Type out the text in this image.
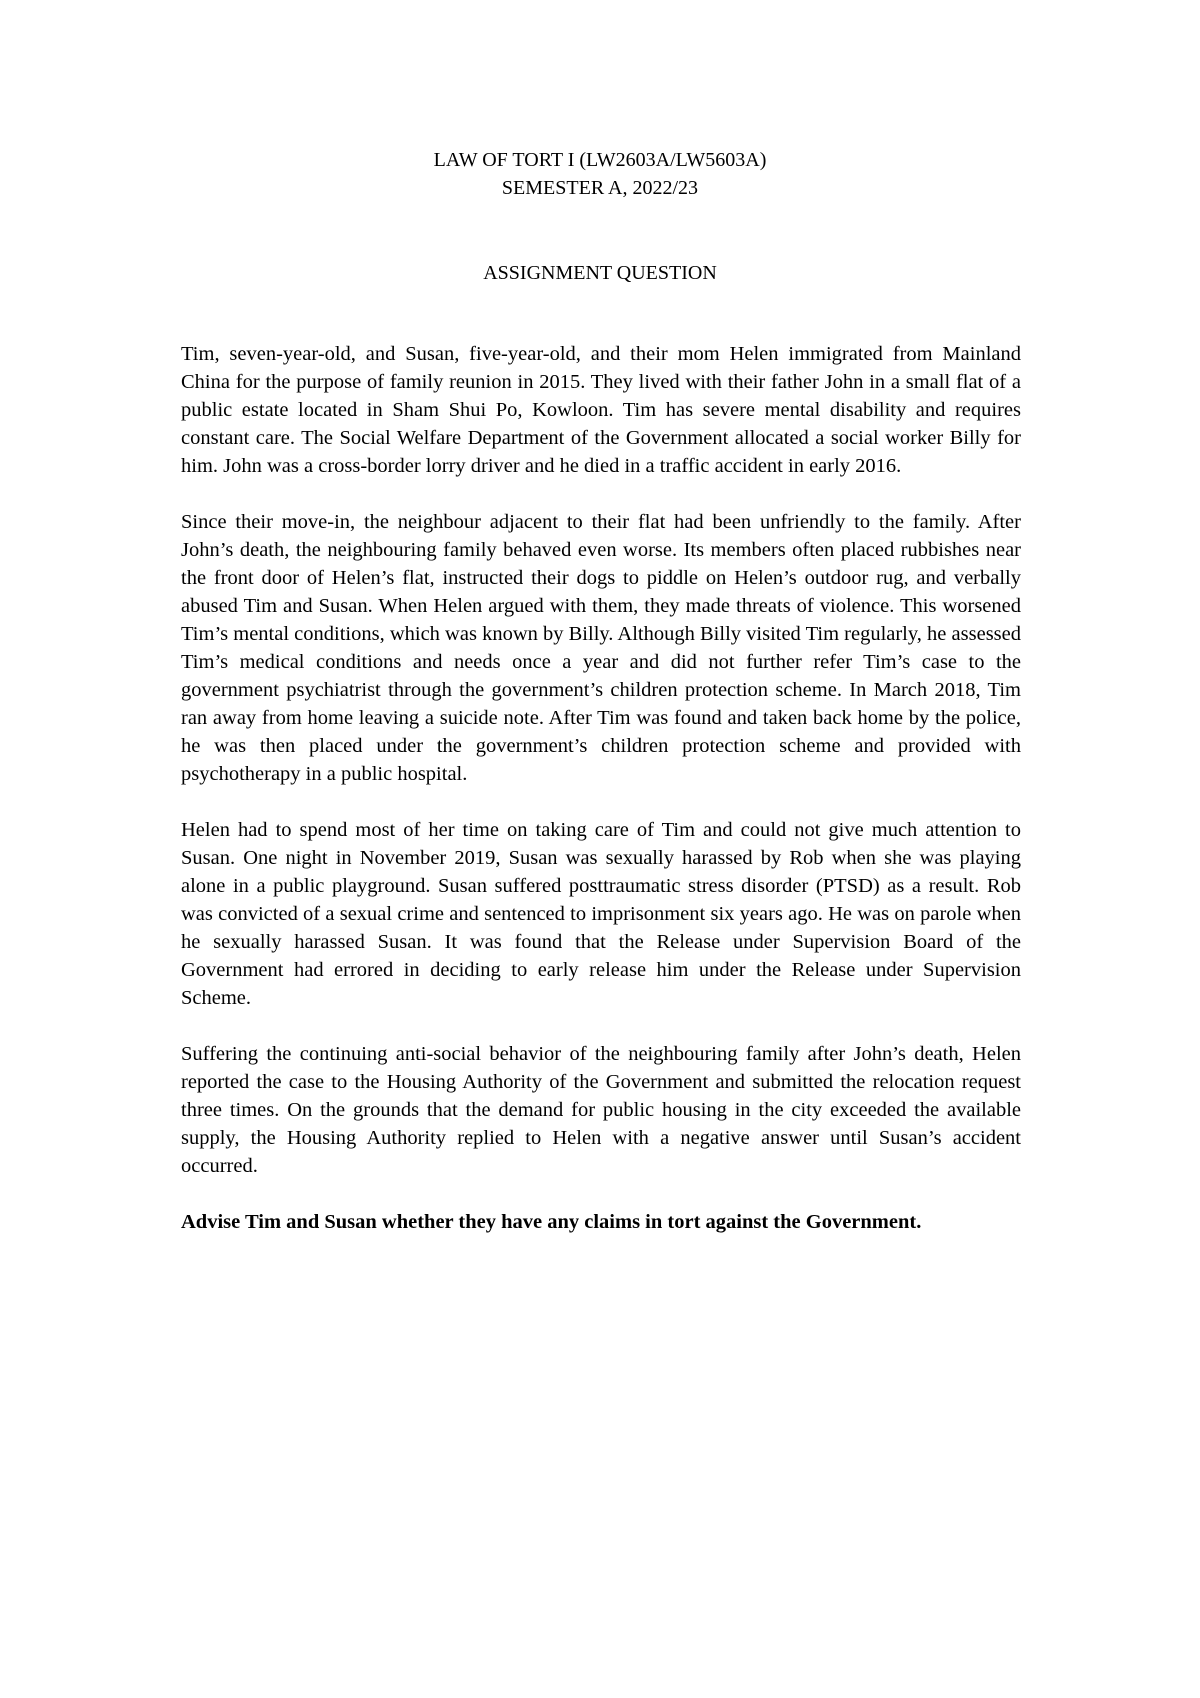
LAW OF TORT I (LW2603A/LW5603A)
SEMESTER A, 2022/23
ASSIGNMENT QUESTION

Tim, seven-year-old, and Susan, five-year-old, and their mom Helen immigrated from Mainland China for the purpose of family reunion in 2015. They lived with their father John in a small flat of a public estate located in Sham Shui Po, Kowloon. Tim has severe mental disability and requires constant care. The Social Welfare Department of the Government allocated a social worker Billy for him. John was a cross-border lorry driver and he died in a traffic accident in early 2016.

Since their move-in, the neighbour adjacent to their flat had been unfriendly to the family. After John’s death, the neighbouring family behaved even worse. Its members often placed rubbishes near the front door of Helen’s flat, instructed their dogs to piddle on Helen’s outdoor rug, and verbally abused Tim and Susan. When Helen argued with them, they made threats of violence. This worsened Tim’s mental conditions, which was known by Billy. Although Billy visited Tim regularly, he assessed Tim’s medical conditions and needs once a year and did not further refer Tim’s case to the government psychiatrist through the government’s children protection scheme. In March 2018, Tim ran away from home leaving a suicide note. After Tim was found and taken back home by the police, he was then placed under the government’s children protection scheme and provided with psychotherapy in a public hospital.

Helen had to spend most of her time on taking care of Tim and could not give much attention to Susan. One night in November 2019, Susan was sexually harassed by Rob when she was playing alone in a public playground. Susan suffered posttraumatic stress disorder (PTSD) as a result. Rob was convicted of a sexual crime and sentenced to imprisonment six years ago. He was on parole when he sexually harassed Susan. It was found that the Release under Supervision Board of the Government had errored in deciding to early release him under the Release under Supervision Scheme.

Suffering the continuing anti-social behavior of the neighbouring family after John’s death, Helen reported the case to the Housing Authority of the Government and submitted the relocation request three times. On the grounds that the demand for public housing in the city exceeded the available supply, the Housing Authority replied to Helen with a negative answer until Susan’s accident occurred.

Advise Tim and Susan whether they have any claims in tort against the Government.
